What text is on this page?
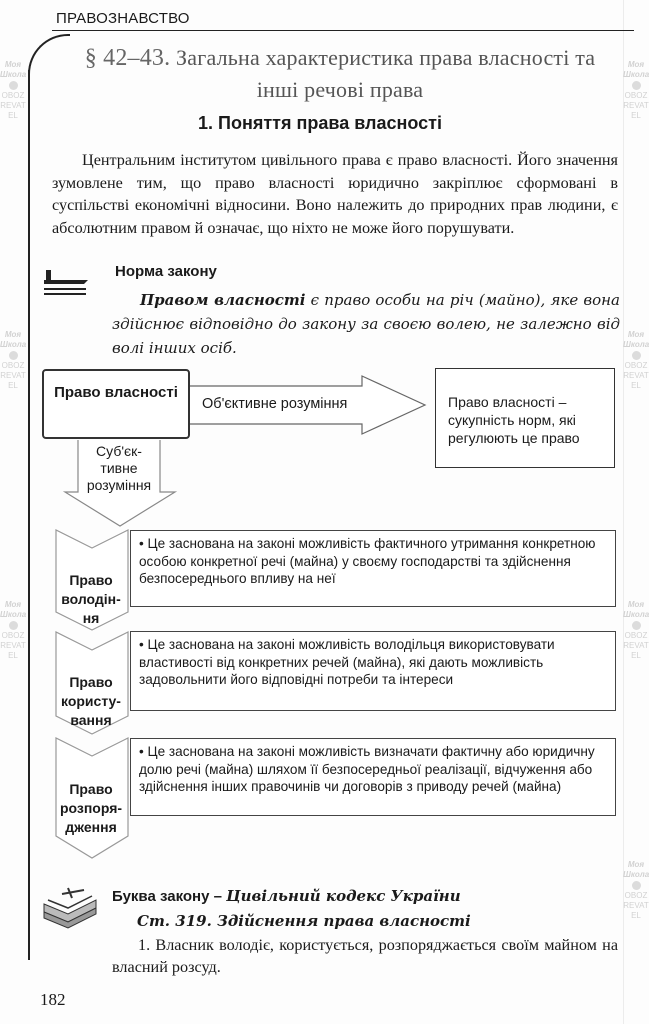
ПРАВОЗНАВСТВО
§ 42–43. Загальна характеристика права власності та інші речові права
1. Поняття права власності

Центральним інститутом цивільного права є право власності. Його значення зумовлене тим, що право власності юридично закріплює сформовані в суспільстві економічні відносини. Воно належить до природних прав людини, є абсолютним правом й означає, що ніхто не може його порушувати.

Норма закону

Правом власності є право особи на річ (майно), яке вона здійснює відповідно до закону за своєю волею, не залежно від волі інших осіб.

Право власності
Об'єктивне розуміння	Право власності – сукупність норм, які регулюють це право
Суб'єк-тивне розуміння
Право володін-ня
• Це заснована на законі можливість фактичного утримання конкретною особою конкретної речі (майна) у своєму господарстві та здійснення безпосереднього впливу на неї
Право користу-вання
• Це заснована на законі можливість володільця використовувати властивості від конкретних речей (майна), які дають можливість задовольнити його відповідні потреби та інтереси
Право розпоря-дження
• Це заснована на законі можливість визначати фактичну або юридичну долю речі (майна) шляхом її безпосередньої реалізації, відчуження або здійснення інших правочинів чи договорів з приводу речей (майна)
Буква закону – Цивільний кодекс України
Ст. 319. Здійснення права власності

1. Власник володіє, користується, розпоряджається своїм майном на власний розсуд.

182
Моя Школа
OBOZREVATEL
Моя Школа
OBOZREVATEL
Моя Школа
OBOZREVATEL
Моя Школа
OBOZREVATEL
Моя Школа
OBOZREVATEL
Моя Школа
OBOZREVATEL
Моя Школа
OBOZREVATEL
